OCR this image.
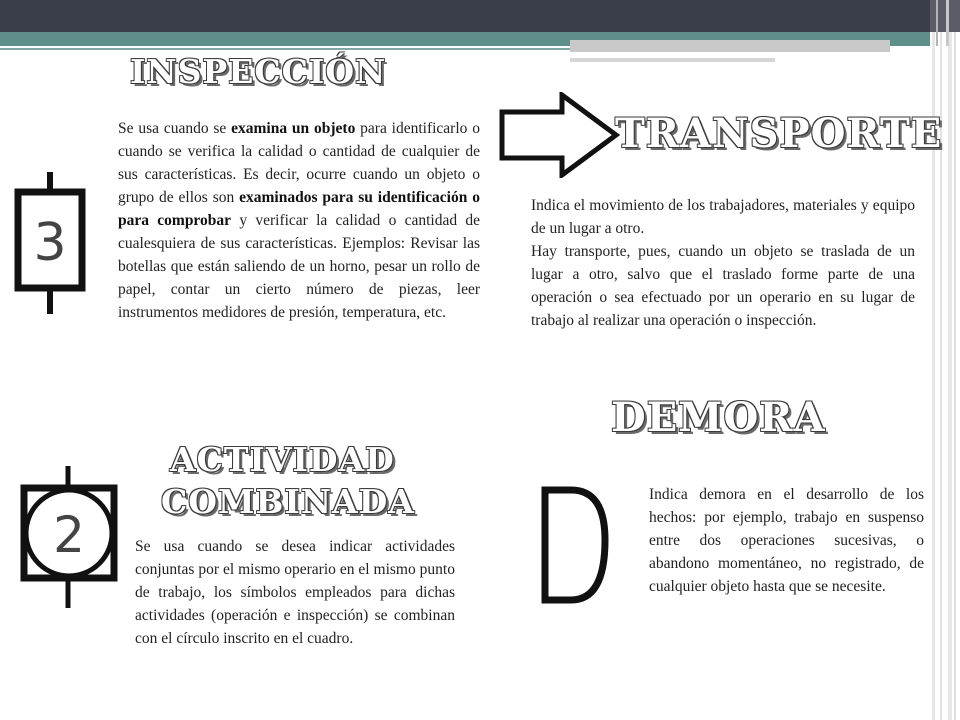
INSPECCIÓN
3
Se usa cuando se examina un objeto para identificarlo o cuando se verifica la calidad o cantidad de cualquier de sus características. Es decir, ocurre cuando un objeto o grupo de ellos son examinados para su identificación o para comprobar y verificar la calidad o cantidad de cualesquiera de sus características. Ejemplos: Revisar las botellas que están saliendo de un horno, pesar un rollo de papel, contar un cierto número de piezas, leer instrumentos medidores de presión, temperatura, etc.
TRANSPORTE
Indica el movimiento de los trabajadores, materiales y equipo de un lugar a otro.
Hay transporte, pues, cuando un objeto se traslada de un lugar a otro, salvo que el traslado forme parte de una operación o sea efectuado por un operario en su lugar de trabajo al realizar una operación o inspección.
ACTIVIDAD
COMBINADA
2	Se usa cuando se desea indicar actividades conjuntas por el mismo operario en el mismo punto de trabajo, los símbolos empleados para dichas actividades (operación e inspección) se combinan con el círculo inscrito en el cuadro.
DEMORA
Indica demora en el desarrollo de los hechos: por ejemplo, trabajo en suspenso entre dos operaciones sucesivas, o abandono momentáneo, no registrado, de cualquier objeto hasta que se necesite.
